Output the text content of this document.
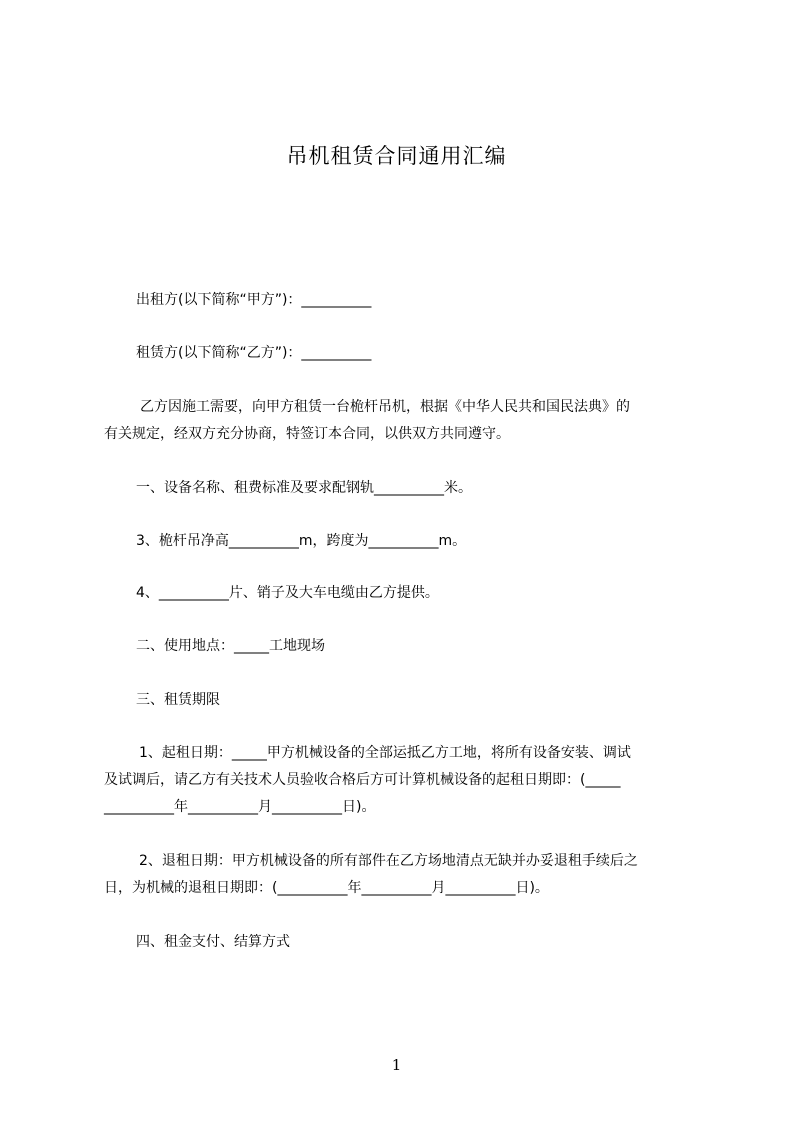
吊机租赁合同通用汇编

出租方(以下简称“甲方”)：__________

租赁方(以下简称“乙方”)：__________

乙方因施工需要，向甲方租赁一台桅杆吊机，根据《中华人民共和国民法典》的

有关规定，经双方充分协商，特签订本合同，以供双方共同遵守。

一、设备名称、租费标准及要求配钢轨__________米。

3、桅杆吊净高__________m，跨度为__________m。

4、__________片、销子及大车电缆由乙方提供。

二、使用地点：_____工地现场

三、租赁期限

1、起租日期：_____甲方机械设备的全部运抵乙方工地，将所有设备安装、调试

及试调后，请乙方有关技术人员验收合格后方可计算机械设备的起租日期即：(_____

__________年__________月__________日)。

2、退租日期：甲方机械设备的所有部件在乙方场地清点无缺并办妥退租手续后之

日，为机械的退租日期即：(__________年__________月__________日)。

四、租金支付、结算方式

1
